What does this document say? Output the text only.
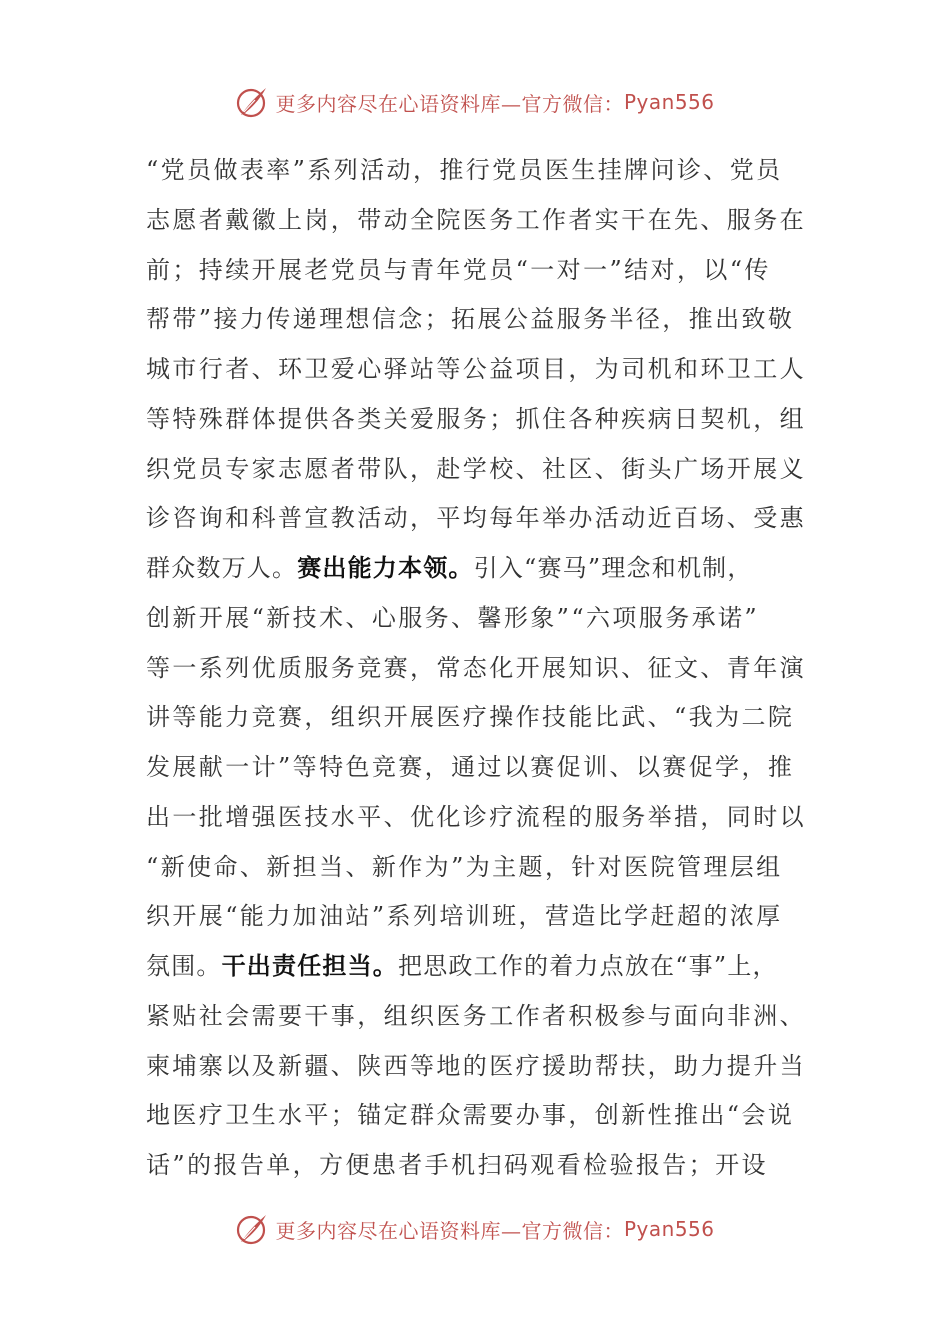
更多内容尽在心语资料库—官方微信： Pyan556
“党员做表率”系列活动，推行党员医生挂牌问诊、党员
志愿者戴徽上岗，带动全院医务工作者实干在先、服务在
前；持续开展老党员与青年党员“一对一”结对，以“传
帮带”接力传递理想信念；拓展公益服务半径，推出致敬
城市行者、环卫爱心驿站等公益项目，为司机和环卫工人
等特殊群体提供各类关爱服务；抓住各种疾病日契机，组
织党员专家志愿者带队，赴学校、社区、街头广场开展义
诊咨询和科普宣教活动，平均每年举办活动近百场、受惠
群众数万人。赛出能力本领。引入“赛马”理念和机制，
创新开展“新技术、心服务、馨形象”“六项服务承诺”
等一系列优质服务竞赛，常态化开展知识、征文、青年演
讲等能力竞赛，组织开展医疗操作技能比武、“我为二院
发展献一计”等特色竞赛，通过以赛促训、以赛促学，推
出一批增强医技水平、优化诊疗流程的服务举措，同时以
“新使命、新担当、新作为”为主题，针对医院管理层组
织开展“能力加油站”系列培训班，营造比学赶超的浓厚
氛围。干出责任担当。把思政工作的着力点放在“事”上，
紧贴社会需要干事，组织医务工作者积极参与面向非洲、
柬埔寨以及新疆、陕西等地的医疗援助帮扶，助力提升当
地医疗卫生水平；锚定群众需要办事，创新性推出“会说
话”的报告单，方便患者手机扫码观看检验报告；开设
更多内容尽在心语资料库—官方微信： Pyan556
